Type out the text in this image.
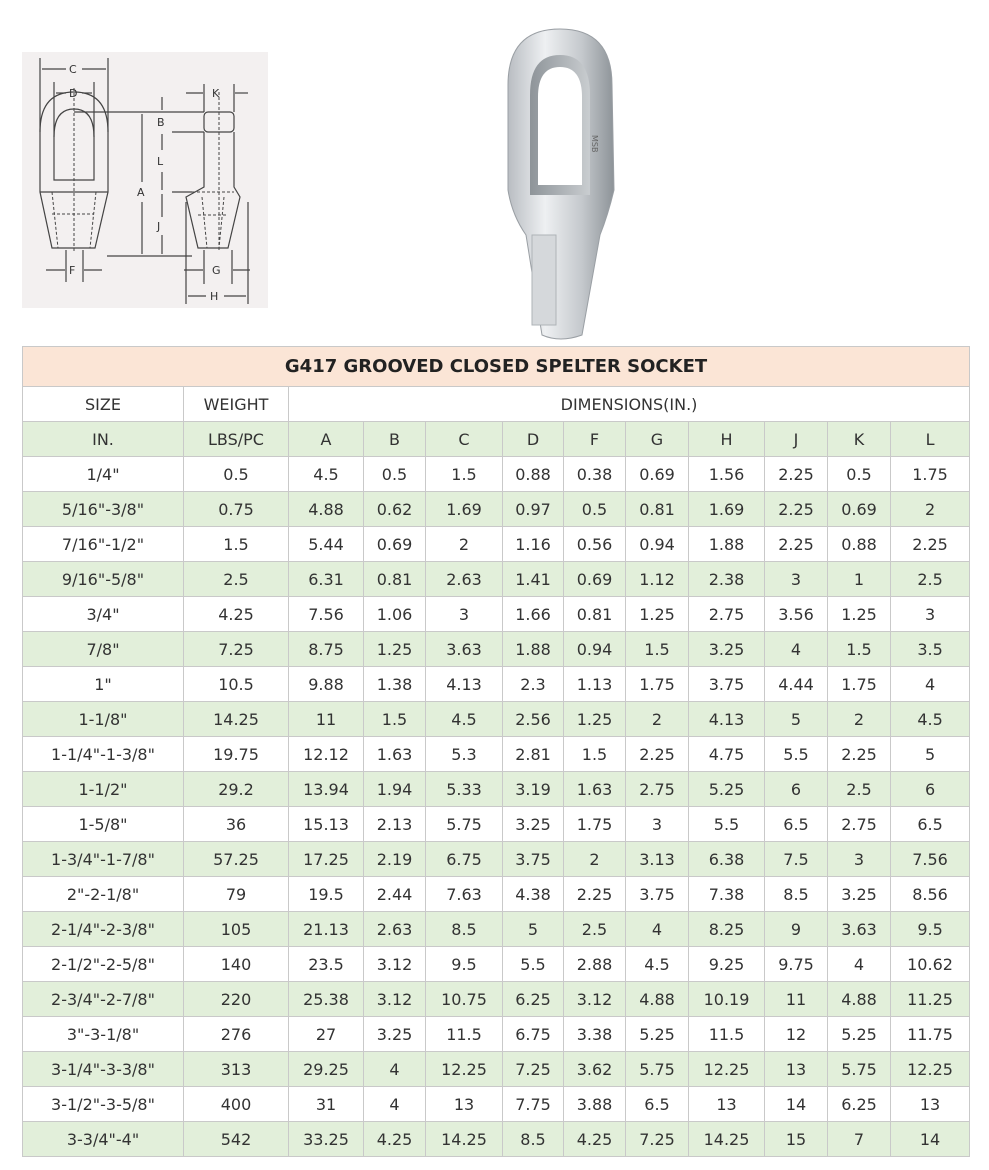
C
D
A
B
L
J
K
F	G
H
MSB
G417 GROOVED CLOSED SPELTER SOCKET											
SIZE	WEIGHT	DIMENSIONS(IN.)									
IN.	LBS/PC	A	B	C	D	F	G	H	J	K	L
1/4"	0.5	4.5	0.5	1.5	0.88	0.38	0.69	1.56	2.25	0.5	1.75
5/16"-3/8"	0.75	4.88	0.62	1.69	0.97	0.5	0.81	1.69	2.25	0.69	2
7/16"-1/2"	1.5	5.44	0.69	2	1.16	0.56	0.94	1.88	2.25	0.88	2.25
9/16"-5/8"	2.5	6.31	0.81	2.63	1.41	0.69	1.12	2.38	3	1	2.5
3/4"	4.25	7.56	1.06	3	1.66	0.81	1.25	2.75	3.56	1.25	3
7/8"	7.25	8.75	1.25	3.63	1.88	0.94	1.5	3.25	4	1.5	3.5
1"	10.5	9.88	1.38	4.13	2.3	1.13	1.75	3.75	4.44	1.75	4
1-1/8"	14.25	11	1.5	4.5	2.56	1.25	2	4.13	5	2	4.5
1-1/4"-1-3/8"	19.75	12.12	1.63	5.3	2.81	1.5	2.25	4.75	5.5	2.25	5
1-1/2"	29.2	13.94	1.94	5.33	3.19	1.63	2.75	5.25	6	2.5	6
1-5/8"	36	15.13	2.13	5.75	3.25	1.75	3	5.5	6.5	2.75	6.5
1-3/4"-1-7/8"	57.25	17.25	2.19	6.75	3.75	2	3.13	6.38	7.5	3	7.56
2"-2-1/8"	79	19.5	2.44	7.63	4.38	2.25	3.75	7.38	8.5	3.25	8.56
2-1/4"-2-3/8"	105	21.13	2.63	8.5	5	2.5	4	8.25	9	3.63	9.5
2-1/2"-2-5/8"	140	23.5	3.12	9.5	5.5	2.88	4.5	9.25	9.75	4	10.62
2-3/4"-2-7/8"	220	25.38	3.12	10.75	6.25	3.12	4.88	10.19	11	4.88	11.25
3"-3-1/8"	276	27	3.25	11.5	6.75	3.38	5.25	11.5	12	5.25	11.75
3-1/4"-3-3/8"	313	29.25	4	12.25	7.25	3.62	5.75	12.25	13	5.75	12.25
3-1/2"-3-5/8"	400	31	4	13	7.75	3.88	6.5	13	14	6.25	13
3-3/4"-4"	542	33.25	4.25	14.25	8.5	4.25	7.25	14.25	15	7	14
